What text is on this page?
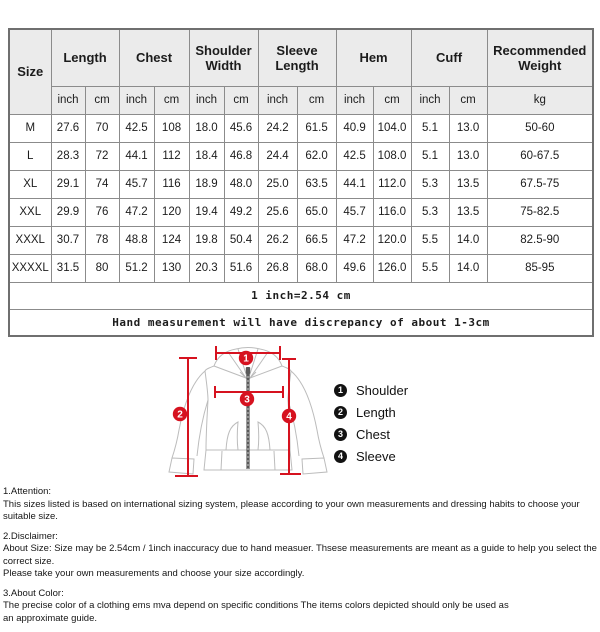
Size	Length		Chest		Shoulder Width		Sleeve Length		Hem		Cuff		Recommended Weight
	inch	cm	inch	cm	inch	cm	inch	cm	inch	cm	inch	cm	kg
M	27.6	70	42.5	108	18.0	45.6	24.2	61.5	40.9	104.0	5.1	13.0	50-60
L	28.3	72	44.1	112	18.4	46.8	24.4	62.0	42.5	108.0	5.1	13.0	60-67.5
XL	29.1	74	45.7	116	18.9	48.0	25.0	63.5	44.1	112.0	5.3	13.5	67.5-75
XXL	29.9	76	47.2	120	19.4	49.2	25.6	65.0	45.7	116.0	5.3	13.5	75-82.5
XXXL	30.7	78	48.8	124	19.8	50.4	26.2	66.5	47.2	120.0	5.5	14.0	82.5-90
XXXXL	31.5	80	51.2	130	20.3	51.6	26.8	68.0	49.6	126.0	5.5	14.0	85-95
1 inch=2.54 cm													
Hand measurement will have discrepancy of about 1-3cm													
1
2
3
4
1	Shoulder
2	Length
3	Chest
4	Sleeve
1.Attention:
This sizes listed is based on international sizing system, please according to your own measurements and dressing habits to choose your suitable size.
2.Disclaimer:
About Size: Size may be 2.54cm / 1inch inaccuracy due to hand measuer. Thsese measurements are meant as a guide to help you select the correct size.
Please take your own measurements and choose your size accordingly.
3.About Color:
The precise color of a clothing ems mva depend on specific conditions The items colors depicted should only be used as
an approximate guide.
